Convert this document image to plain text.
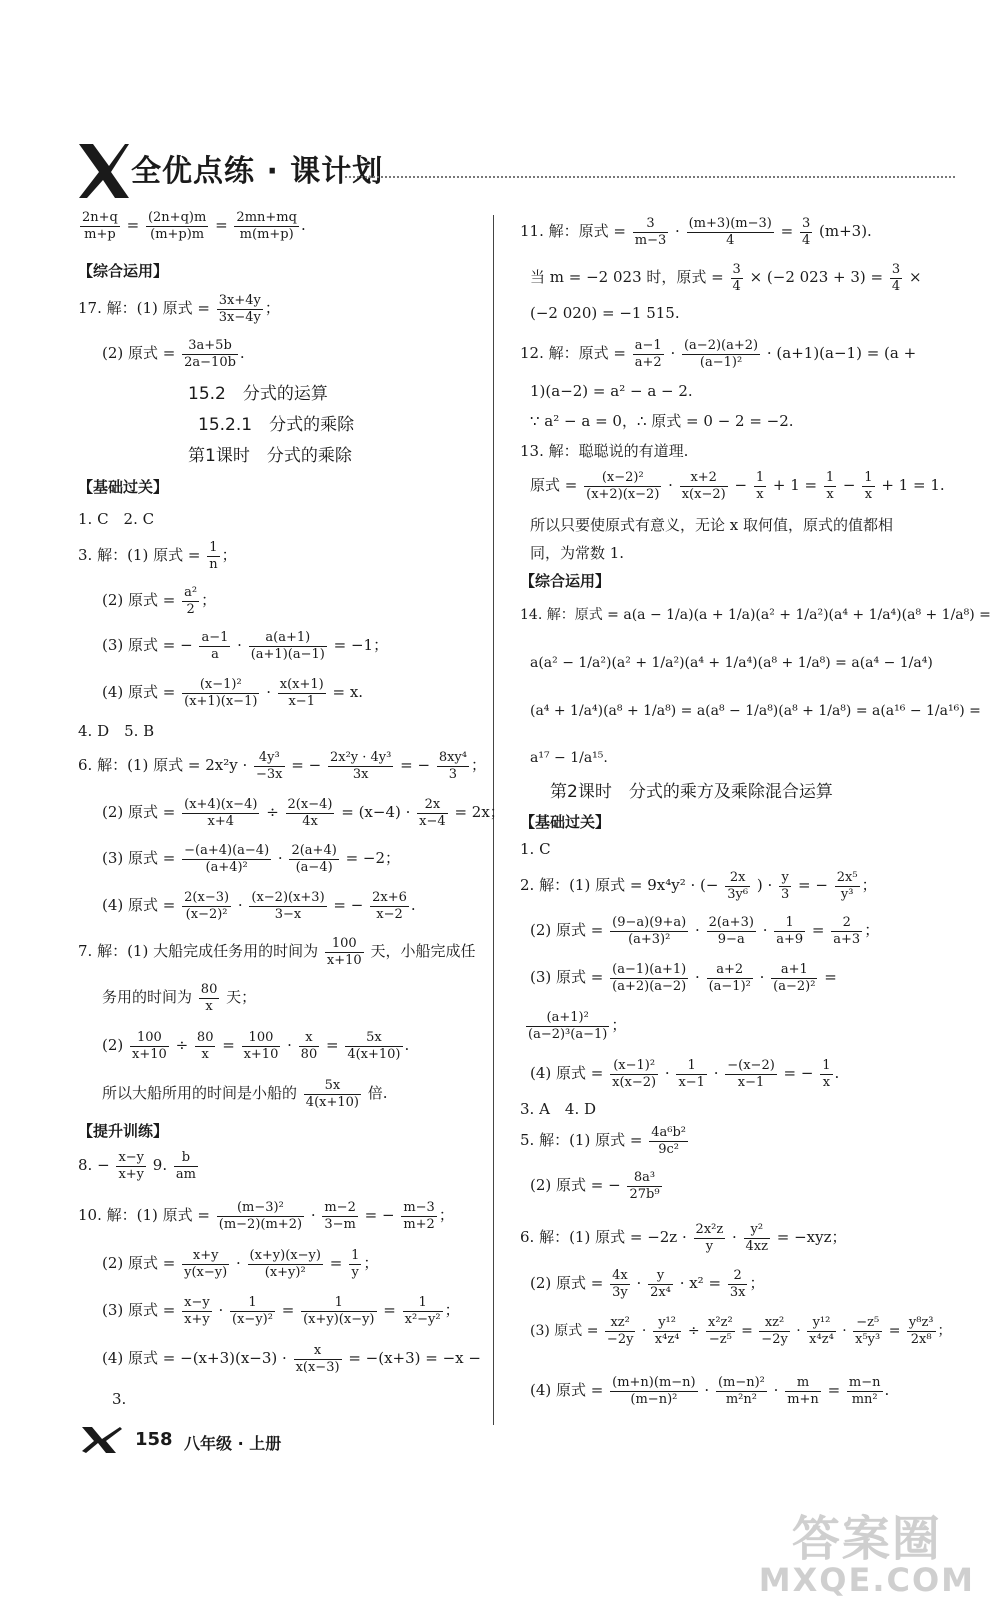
全优点练 · 课计划
$\frac{2n+q}{m+p} = \frac{(2n+q)m}{(m+p)m} = \frac{2mn+mq}{m(m+p)}$ .
【综合运用】
17. 解：(1) 原式 = $\frac{3x+4y}{3x-4y}$ ；
(2) 原式 = $\frac{3a+5b}{2a-10b}$ .
15.2　分式的运算
15.2.1　分式的乘除
第1课时　分式的乘除
【基础过关】
1. C　2. C
3. 解：(1) 原式 = $\frac{1}{n}$ ；
(2) 原式 = $\frac{\text{a²}}{2}$ ；
(3) 原式 = − $\frac{a-1}{a} \cdot \frac{a(a+1)}{(a+1)(a-1)} = -1$；
(4) 原式 = $\frac{\text{(x−1)²}}{(x+1)(x-1)} \cdot \frac{x(x+1)}{x-1} = x$.
4. D　5. B
6. 解：(1) 原式 = $2x^2y \cdot \frac{\text{4y³}}{-3x}$ = − $\frac{\text{2x²y · 4y³}}{3x}$ = − $\frac{\text{8xy⁴}}{3}$ ；
(2) 原式 = $\frac{(x+4)(x-4)}{x+4} \div \frac{2(x-4)}{4x} = (x-4) \cdot \frac{2x}{x-4} = 2x$；
(3) 原式 = $\frac{-(a+4)(a-4)}{\text{(a+4)²}} \cdot \frac{2(a+4)}{(a-4)} = -2$；
(4) 原式 = $\frac{2(x-3)}{\text{(x−2)²}} \cdot \frac{(x-2)(x+3)}{3-x}$ = − $\frac{2x+6}{x-2}$ .
7. 解：(1) 大船完成任务用的时间为 $\frac{100}{x+10}$ 天，小船完成任
务用的时间为 $\frac{80}{x}$ 天；
$(2) \frac{100}{x+10} \div \frac{80}{x} = \frac{100}{x+10} \cdot \frac{x}{80} = \frac{5x}{4(x+10)}$ .
所以大船所用的时间是小船的 $\frac{5x}{4(x+10)}$ 倍.
【提升训练】
8. − $\frac{x-y}{x+y} 9$. $\frac{b}{am}$
10. 解：(1) 原式 = $\frac{\text{(m−3)²}}{(m-2)(m+2)} \cdot \frac{m-2}{3-m}$ = − $\frac{m-3}{m+2}$ ；
(2) 原式 = $\frac{x+y}{y(x-y)} \cdot \frac{(x+y)(x-y)}{\text{(x+y)²}} = \frac{1}{y}$ ；
(3) 原式 = $\frac{x-y}{x+y} \cdot \frac{1}{\text{(x−y)²}} = \frac{1}{(x+y)(x-y)} = \frac{1}{\text{x²−y²}}$ ；
(4) 原式 = $-(x+3)(x-3) \cdot \frac{x}{x(x-3)} = -(x+3) = -x$ −
3.
11. 解：原式 = $\frac{3}{m-3} \cdot \frac{(m+3)(m-3)}{4} = \frac{3}{4} (m+3)$.
当 m = −2 023 时，原式 = $\frac{3}{4} \times (-2$ $023 + 3) = \frac{3}{4}$ ×
(−2 020) = −1 515.
12. 解：原式 = $\frac{a-1}{a+2} \cdot \frac{(a-2)(a+2)}{\text{(a−1)²}} \cdot (a+1)(a-1) = (a$ +
1)(a−2) = a² − a − 2.
∵ a² − a = 0，∴ 原式 = 0 − 2 = −2.
13. 解：聪聪说的有道理.
原式 = $\frac{\text{(x−2)²}}{(x+2)(x-2)} \cdot \frac{x+2}{x(x-2)} - \frac{1}{x} + 1 = \frac{1}{x} - \frac{1}{x} + 1 = 1$.
所以只要使原式有意义，无论 x 取何值，原式的值都相
同，为常数 1.
【综合运用】
14. 解：原式 = a(a − 1/a)(a + 1/a)(a² + 1/a²)(a⁴ + 1/a⁴)(a⁸ + 1/a⁸) =
a(a² − 1/a²)(a² + 1/a²)(a⁴ + 1/a⁴)(a⁸ + 1/a⁸) = a(a⁴ − 1/a⁴)
(a⁴ + 1/a⁴)(a⁸ + 1/a⁸) = a(a⁸ − 1/a⁸)(a⁸ + 1/a⁸) = a(a¹⁶ − 1/a¹⁶) =
a¹⁷ − 1/a¹⁵.
第2课时　分式的乘方及乘除混合运算
【基础过关】
1. C
2. 解：(1) 原式 = 9x⁴y² · (− $\frac{2x}{\text{3y⁶}}$ ) · $\frac{y}{3}$ = − $\frac{\text{2x⁵}}{\text{y³}}$ ；
(2) 原式 = $\frac{(9-a)(9+a)}{\text{(a+3)²}} \cdot \frac{2(a+3)}{9-a} \cdot \frac{1}{a+9} = \frac{2}{a+3}$ ；
(3) 原式 = $\frac{(a-1)(a+1)}{(a+2)(a-2)} \cdot \frac{a+2}{\text{(a−1)²}} \cdot \frac{a+1}{\text{(a−2)²}}$ =
$\frac{\text{(a+1)²}}{\text{(a−2)³(a−1)}}$ ；
(4) 原式 = $\frac{\text{(x−1)²}}{x(x-2)} \cdot \frac{1}{x-1} \cdot \frac{-(x-2)}{x-1}$ = − $\frac{1}{x}$ .
3. A　4. D
5. 解：(1) 原式 = $\frac{\text{4a⁶b²}}{\text{9c²}}$
(2) 原式 = − $\frac{\text{8a³}}{\text{27b⁹}}$
6. 解：(1) 原式 = $-2z \cdot \frac{\text{2x²z}}{y} \cdot \frac{\text{y²}}{4xz} = -xyz$；
(2) 原式 = $\frac{4x}{3y} \cdot \frac{y}{\text{2x⁴}} \cdot x^2 = \frac{2}{3x}$ ；
(3) 原式 = $\frac{\text{xz²}}{-2y} \cdot \frac{\text{y¹²}}{\text{x⁴z⁴}} \div \frac{\text{x²z²}}{\text{−z⁵}} = \frac{\text{xz²}}{-2y} \cdot \frac{\text{y¹²}}{\text{x⁴z⁴}} \cdot \frac{\text{−z⁵}}{\text{x⁵y³}} = \frac{\text{y⁸z³}}{\text{2x⁸}}$ ；
(4) 原式 = $\frac{(m+n)(m-n)}{\text{(m−n)²}} \cdot \frac{\text{(m−n)²}}{\text{m²n²}} \cdot \frac{m}{m+n} = \frac{m-n}{\text{mn²}}$ .
158 八年级 · 上册
答案圈
MXQE.COM
